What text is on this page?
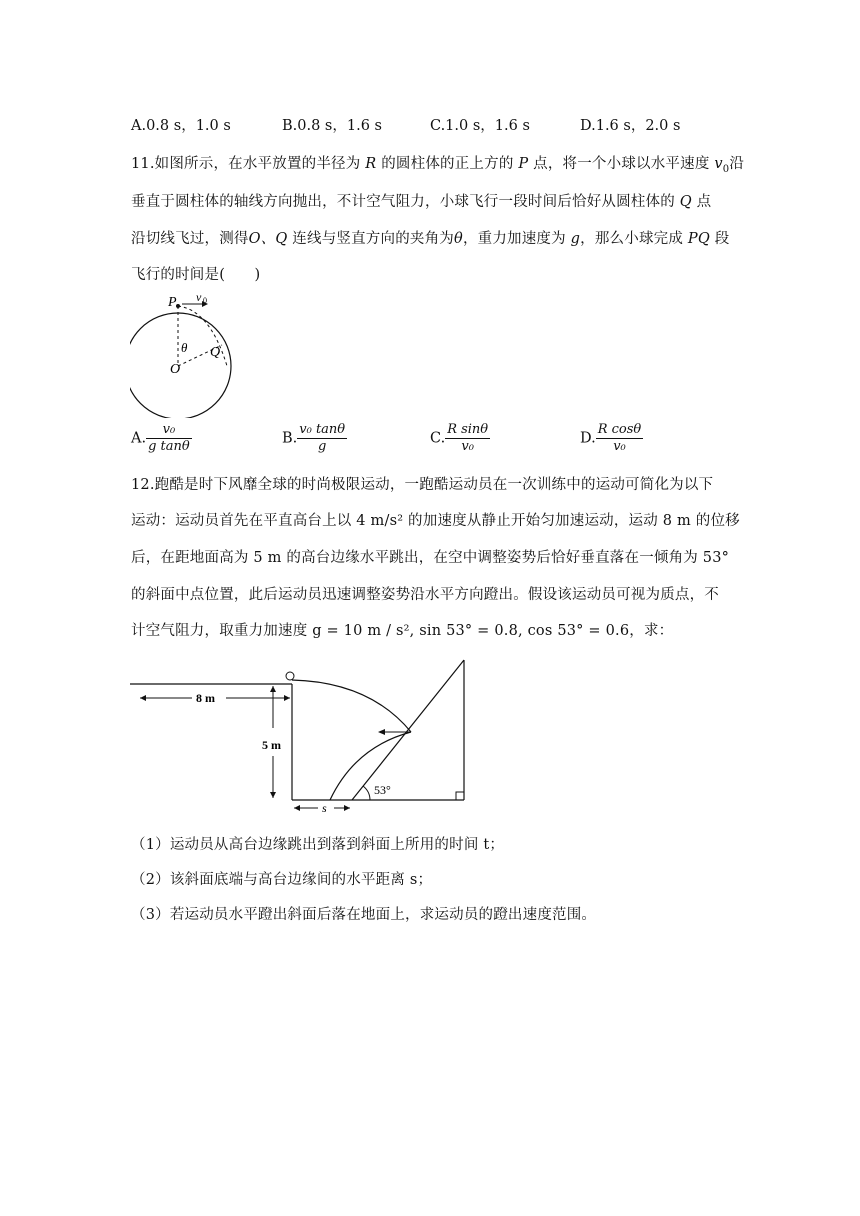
A.0.8 s，1.0 s	B.0.8 s，1.6 s	C.1.0 s，1.6 s	D.1.6 s，2.0 s
11.如图所示，在水平放置的半径为 R 的圆柱体的正上方的 P 点，将一个小球以水平速度 $v_0$沿
垂直于圆柱体的轴线方向抛出，不计空气阻力，小球飞行一段时间后恰好从圆柱体的 Q 点
沿切线飞过，测得O、Q 连线与竖直方向的夹角为θ，重力加速度为 g，那么小球完成 PQ 段
飞行的时间是(　　)
P v 0
θ
O
Q
A. $\frac{\text{v₀}}{\text{g tanθ}}$	B. $\frac{\text{v₀ tanθ}}{g}$	C. $\frac{\text{R sinθ}}{\text{v₀}}$	D. $\frac{\text{R cosθ}}{\text{v₀}}$
12.跑酷是时下风靡全球的时尚极限运动，一跑酷运动员在一次训练中的运动可简化为以下
运动：运动员首先在平直高台上以 4 m/s² 的加速度从静止开始匀加速运动，运动 8 m 的位移
后，在距地面高为 5 m 的高台边缘水平跳出，在空中调整姿势后恰好垂直落在一倾角为 53°
的斜面中点位置，此后运动员迅速调整姿势沿水平方向蹬出。假设该运动员可视为质点，不
计空气阻力，取重力加速度 g = 10 m / s², sin 53° = 0.8, cos 53° = 0.6，求：
8 m
5 m
53°
s
（1）运动员从高台边缘跳出到落到斜面上所用的时间 t；
（2）该斜面底端与高台边缘间的水平距离 s；
（3）若运动员水平蹬出斜面后落在地面上，求运动员的蹬出速度范围。
